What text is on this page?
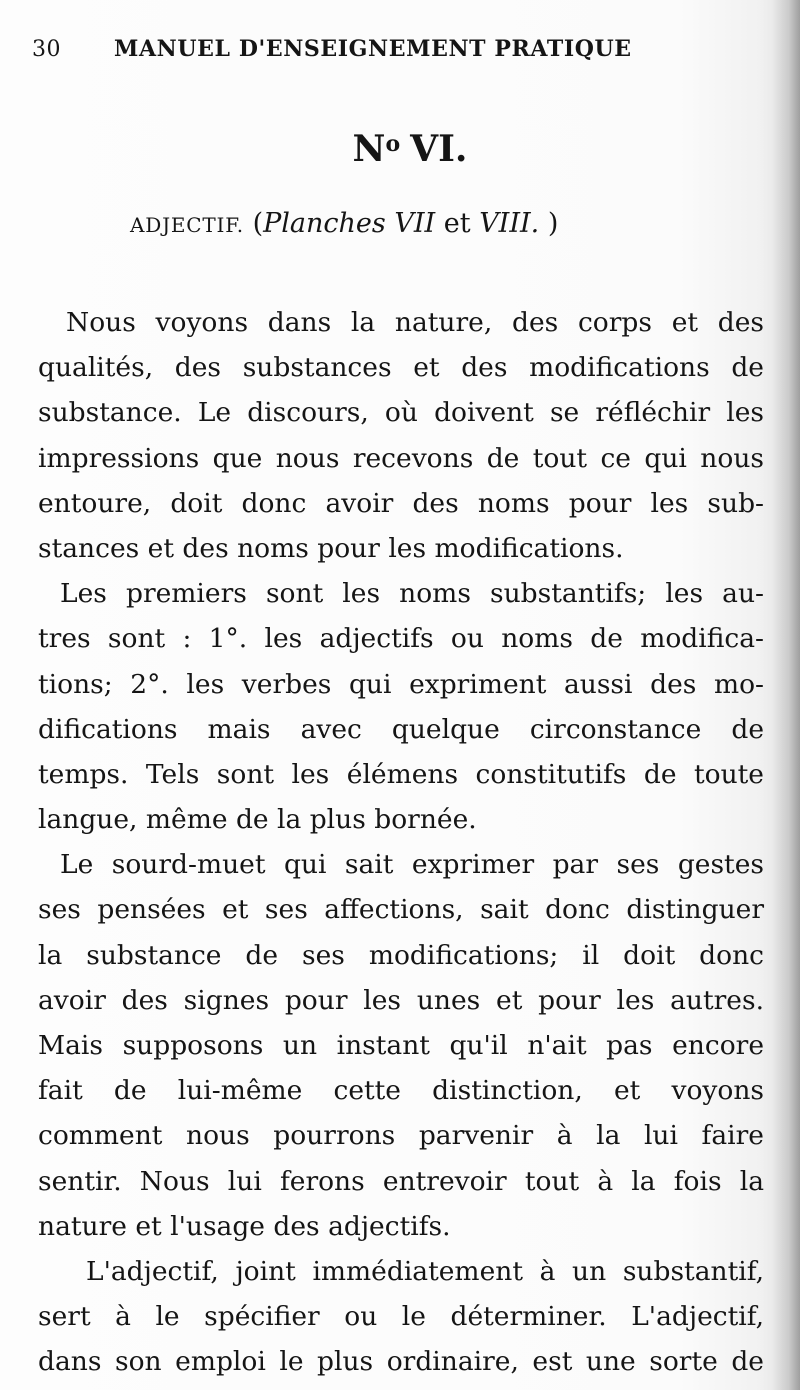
30 MANUEL D'ENSEIGNEMENT PRATIQUE
$N^o$ VI.
ADJECTIF. (Planches VII et VIII. )
Nous voyons dans la nature, des corps et des
qualités, des substances et des modifications de
substance. Le discours, où doivent se réfléchir les
impressions que nous recevons de tout ce qui nous
entoure, doit donc avoir des noms pour les sub-
stances et des noms pour les modifications.
Les premiers sont les noms substantifs; les au-
tres sont : 1°. les adjectifs ou noms de modifica-
tions; 2°. les verbes qui expriment aussi des mo-
difications mais avec quelque circonstance de
temps. Tels sont les élémens constitutifs de toute
langue, même de la plus bornée.
Le sourd-muet qui sait exprimer par ses gestes
ses pensées et ses affections, sait donc distinguer
la substance de ses modifications; il doit donc
avoir des signes pour les unes et pour les autres.
Mais supposons un instant qu'il n'ait pas encore
fait de lui-même cette distinction, et voyons
comment nous pourrons parvenir à la lui faire
sentir. Nous lui ferons entrevoir tout à la fois la
nature et l'usage des adjectifs.
L'adjectif, joint immédiatement à un substantif,
sert à le spécifier ou le déterminer. L'adjectif,
dans son emploi le plus ordinaire, est une sorte de
